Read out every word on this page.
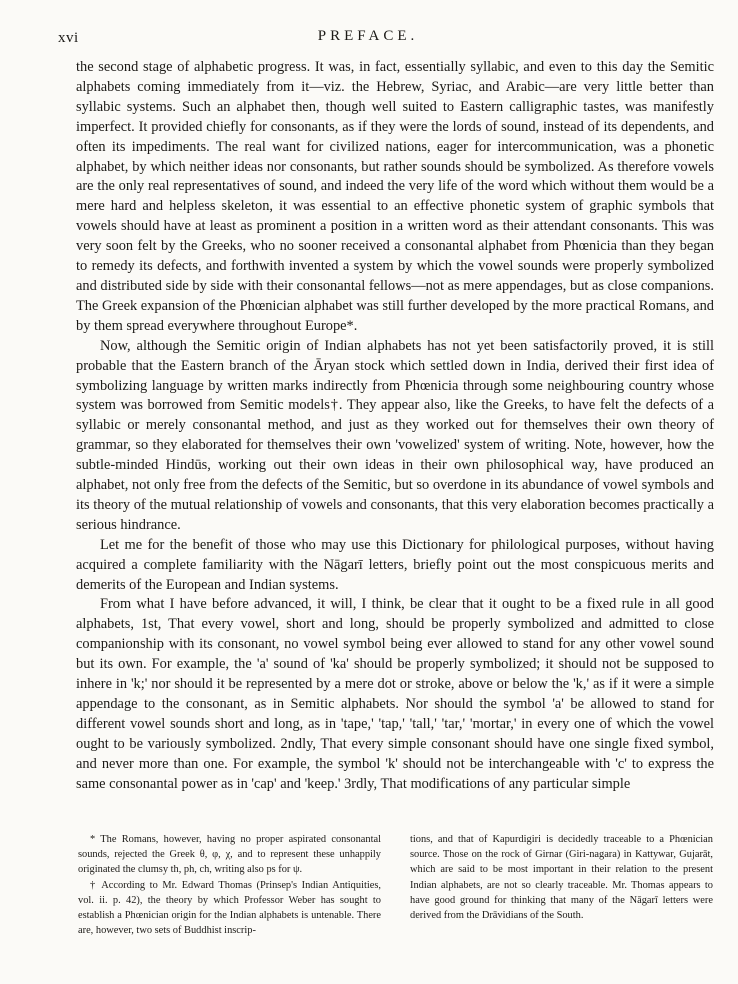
xvi	PREFACE.

the second stage of alphabetic progress. It was, in fact, essentially syllabic, and even to this day the Semitic alphabets coming immediately from it—viz. the Hebrew, Syriac, and Arabic—are very little better than syllabic systems. Such an alphabet then, though well suited to Eastern calligraphic tastes, was manifestly imperfect. It provided chiefly for consonants, as if they were the lords of sound, instead of its dependents, and often its impediments. The real want for civilized nations, eager for intercommunication, was a phonetic alphabet, by which neither ideas nor consonants, but rather sounds should be symbolized. As therefore vowels are the only real representatives of sound, and indeed the very life of the word which without them would be a mere hard and helpless skeleton, it was essential to an effective phonetic system of graphic symbols that vowels should have at least as prominent a position in a written word as their attendant consonants. This was very soon felt by the Greeks, who no sooner received a consonantal alphabet from Phœnicia than they began to remedy its defects, and forthwith invented a system by which the vowel sounds were properly symbolized and distributed side by side with their consonantal fellows—not as mere appendages, but as close companions. The Greek expansion of the Phœnician alphabet was still further developed by the more practical Romans, and by them spread everywhere throughout Europe*.

Now, although the Semitic origin of Indian alphabets has not yet been satisfactorily proved, it is still probable that the Eastern branch of the Āryan stock which settled down in India, derived their first idea of symbolizing language by written marks indirectly from Phœnicia through some neighbouring country whose system was borrowed from Semitic models†. They appear also, like the Greeks, to have felt the defects of a syllabic or merely consonantal method, and just as they worked out for themselves their own theory of grammar, so they elaborated for themselves their own 'vowelized' system of writing. Note, however, how the subtle-minded Hindūs, working out their own ideas in their own philosophical way, have produced an alphabet, not only free from the defects of the Semitic, but so overdone in its abundance of vowel symbols and its theory of the mutual relationship of vowels and consonants, that this very elaboration becomes practically a serious hindrance.

Let me for the benefit of those who may use this Dictionary for philological purposes, without having acquired a complete familiarity with the Nāgarī letters, briefly point out the most conspicuous merits and demerits of the European and Indian systems.

From what I have before advanced, it will, I think, be clear that it ought to be a fixed rule in all good alphabets, 1st, That every vowel, short and long, should be properly symbolized and admitted to close companionship with its consonant, no vowel symbol being ever allowed to stand for any other vowel sound but its own. For example, the 'a' sound of 'ka' should be properly symbolized; it should not be supposed to inhere in 'k;' nor should it be represented by a mere dot or stroke, above or below the 'k,' as if it were a simple appendage to the consonant, as in Semitic alphabets. Nor should the symbol 'a' be allowed to stand for different vowel sounds short and long, as in 'tape,' 'tap,' 'tall,' 'tar,' 'mortar,' in every one of which the vowel ought to be variously symbolized. 2ndly, That every simple consonant should have one single fixed symbol, and never more than one. For example, the symbol 'k' should not be interchangeable with 'c' to express the same consonantal power as in 'cap' and 'keep.' 3rdly, That modifications of any particular simple

* The Romans, however, having no proper aspirated consonantal sounds, rejected the Greek θ, φ, χ, and to represent these unhappily originated the clumsy th, ph, ch, writing also ps for ψ.

† According to Mr. Edward Thomas (Prinsep's Indian Antiquities, vol. ii. p. 42), the theory by which Professor Weber has sought to establish a Phœnician origin for the Indian alphabets is untenable. There are, however, two sets of Buddhist inscrip-

tions, and that of Kapurdigiri is decidedly traceable to a Phœnician source. Those on the rock of Girnar (Giri-nagara) in Kattywar, Gujarāt, which are said to be most important in their relation to the present Indian alphabets, are not so clearly traceable. Mr. Thomas appears to have good ground for thinking that many of the Nāgarī letters were derived from the Drāvidians of the South.
